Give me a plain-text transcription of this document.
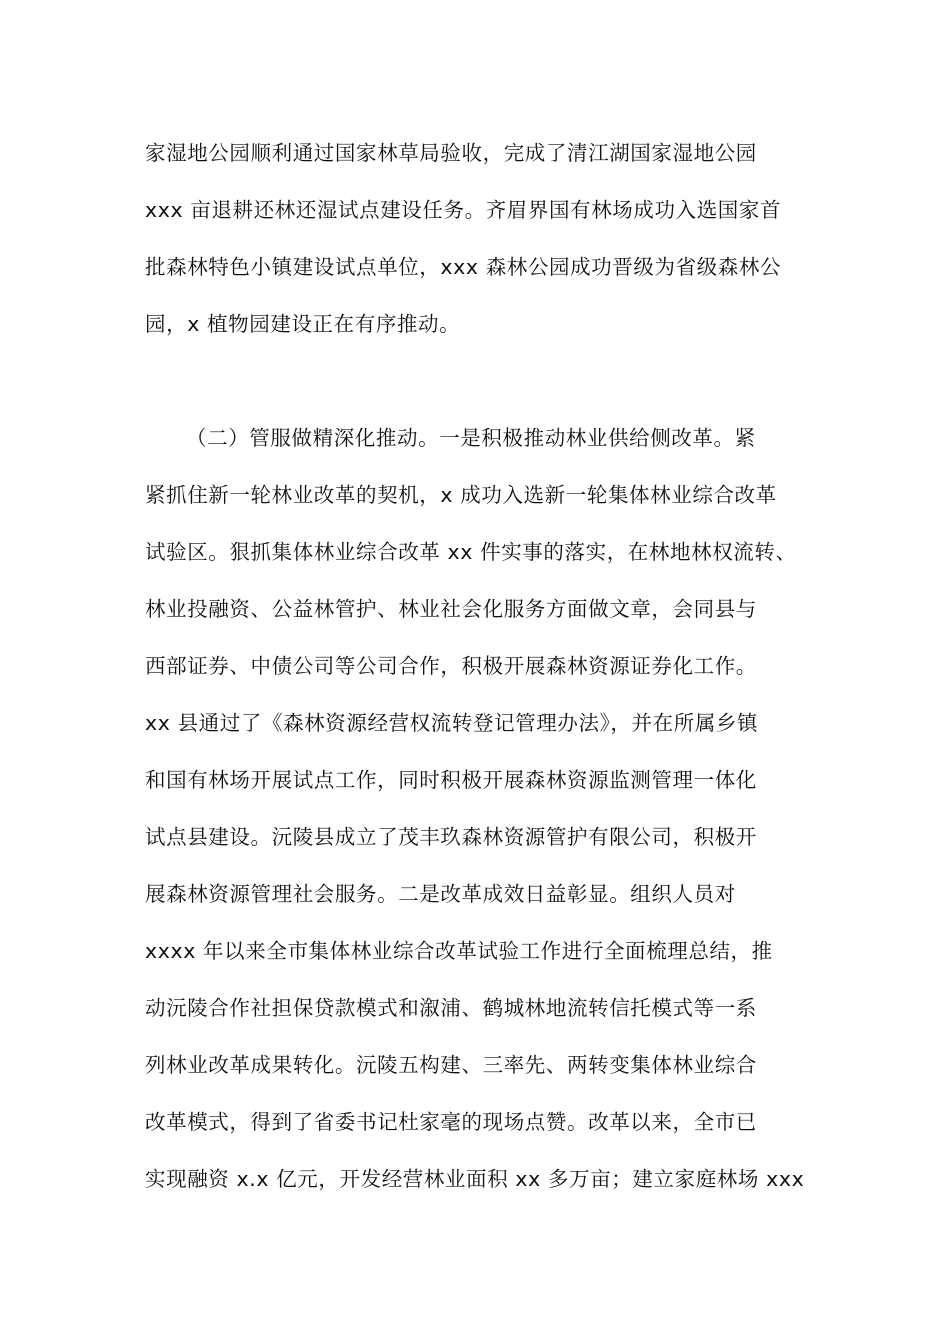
家湿地公园顺利通过国家林草局验收，完成了清江湖国家湿地公园
xxx 亩退耕还林还湿试点建设任务。齐眉界国有林场成功入选国家首
批森林特色小镇建设试点单位，xxx 森林公园成功晋级为省级森林公
园，x 植物园建设正在有序推动。
（二）管服做精深化推动。一是积极推动林业供给侧改革。紧
紧抓住新一轮林业改革的契机，x 成功入选新一轮集体林业综合改革
试验区。狠抓集体林业综合改革 xx 件实事的落实，在林地林权流转、
林业投融资、公益林管护、林业社会化服务方面做文章，会同县与
西部证券、中债公司等公司合作，积极开展森林资源证券化工作。
xx 县通过了《森林资源经营权流转登记管理办法》，并在所属乡镇
和国有林场开展试点工作，同时积极开展森林资源监测管理一体化
试点县建设。沅陵县成立了茂丰玖森林资源管护有限公司，积极开
展森林资源管理社会服务。二是改革成效日益彰显。组织人员对
xxxx 年以来全市集体林业综合改革试验工作进行全面梳理总结，推
动沅陵合作社担保贷款模式和溆浦、鹤城林地流转信托模式等一系
列林业改革成果转化。沅陵五构建、三率先、两转变集体林业综合
改革模式，得到了省委书记杜家毫的现场点赞。改革以来，全市已
实现融资 x.x 亿元，开发经营林业面积 xx 多万亩；建立家庭林场 xxx
